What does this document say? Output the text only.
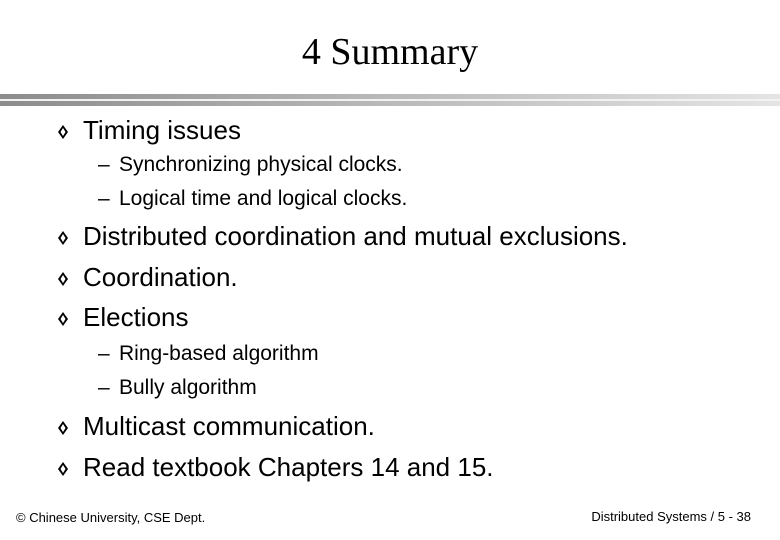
4 Summary
Timing issues
– Synchronizing physical clocks.
– Logical time and logical clocks.
Distributed coordination and mutual exclusions.
Coordination.
Elections
– Ring-based algorithm
– Bully algorithm
Multicast communication.
Read textbook Chapters 14 and 15.
© Chinese University, CSE Dept.	Distributed Systems / 5 - 38
